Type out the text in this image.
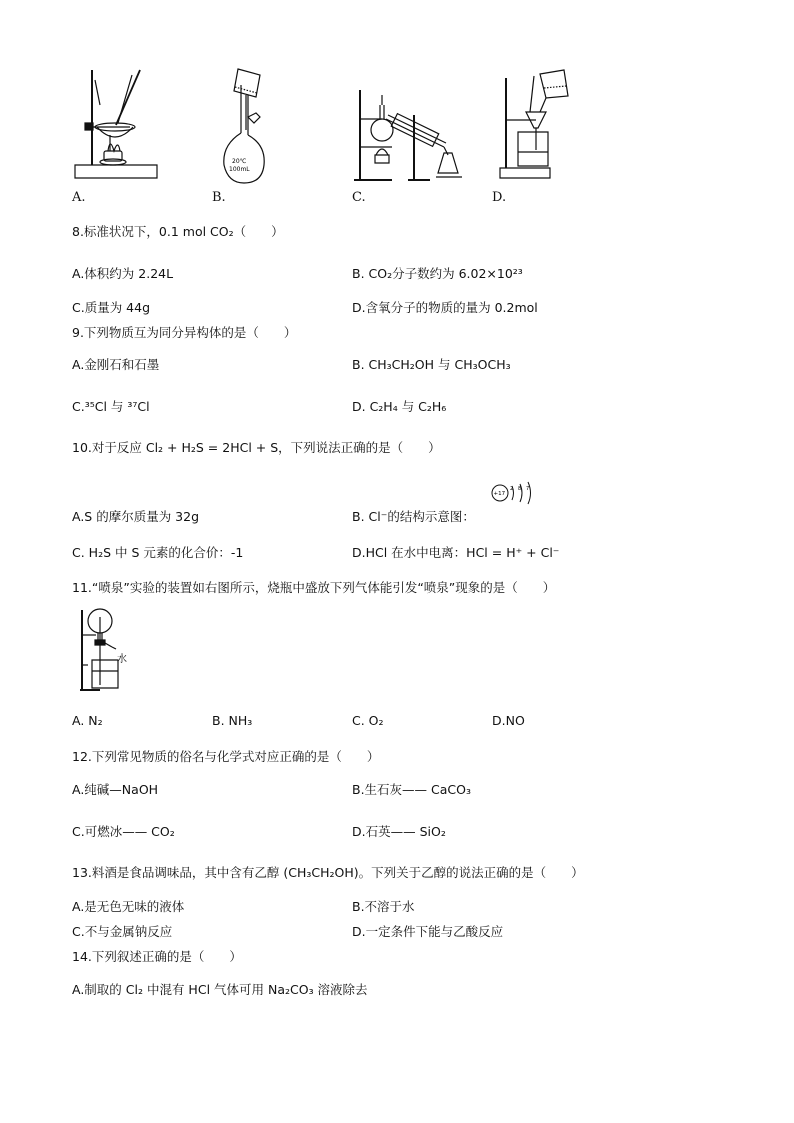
20℃
100mL
A.	B.	C.	D.
8.标准状况下，0.1 mol CO₂（　　）
A.体积约为 2.24L	B. CO₂分子数约为 6.02×10²³
C.质量为 44g	D.含氧分子的物质的量为 0.2mol
9.下列物质互为同分异构体的是（　　）
A.金刚石和石墨	B. CH₃CH₂OH 与 CH₃OCH₃
C.³⁵Cl 与 ³⁷Cl	D. C₂H₄ 与 C₂H₆
10.对于反应 Cl₂ + H₂S = 2HCl + S，下列说法正确的是（　　）
A.S 的摩尔质量为 32g	B. Cl⁻的结构示意图：
+17
2 8 7
C. H₂S 中 S 元素的化合价：-1	D.HCl 在水中电离：HCl = H⁺ + Cl⁻
11.“喷泉”实验的装置如右图所示，烧瓶中盛放下列气体能引发“喷泉”现象的是（　　）
水
A. N₂	B. NH₃	C. O₂	D.NO
12.下列常见物质的俗名与化学式对应正确的是（　　）
A.纯碱—NaOH	B.生石灰—— CaCO₃
C.可燃冰—— CO₂	D.石英—— SiO₂
13.料酒是食品调味品，其中含有乙醇 (CH₃CH₂OH)。下列关于乙醇的说法正确的是（　　）
A.是无色无味的液体	B.不溶于水
C.不与金属钠反应	D.一定条件下能与乙酸反应
14.下列叙述正确的是（　　）
A.制取的 Cl₂ 中混有 HCl 气体可用 Na₂CO₃ 溶液除去
